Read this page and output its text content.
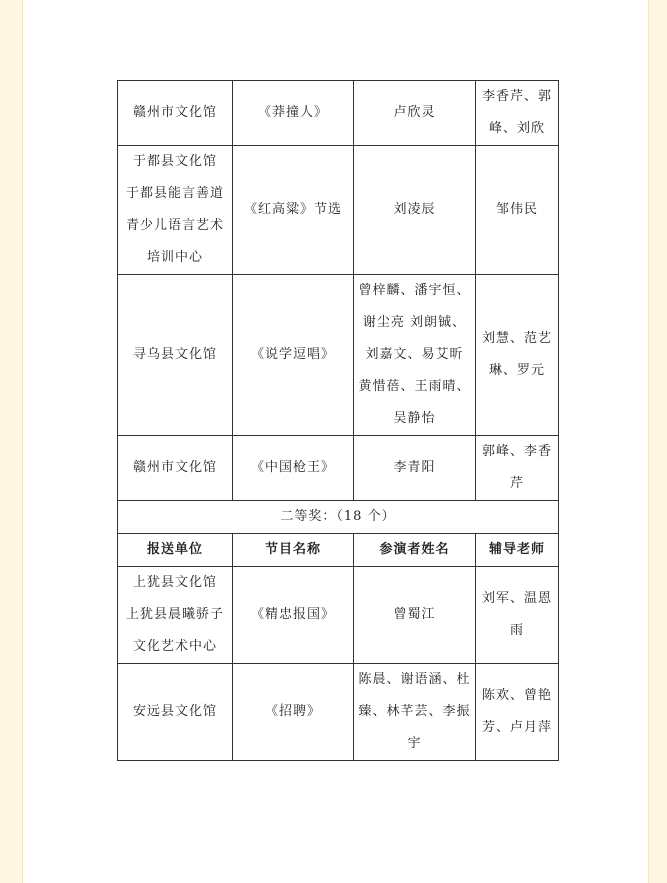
赣州市文化馆	《莽撞人》	卢欣灵	李香芹、郭
峰、刘欣

于都县文化馆
于都县能言善道
青少儿语言艺术
培训中心	《红高粱》节选	刘凌辰	邹伟民

寻乌县文化馆	《说学逗唱》	曾梓麟、潘宇恒、
谢尘亮 刘朗铖、
刘嘉文、易艾昕
黄惜蓓、王雨晴、
吴静怡	刘慧、范艺
琳、罗元

赣州市文化馆	《中国枪王》	李青阳	郭峰、李香
芹

二等奖：（18 个）			
报送单位	节目名称	参演者姓名	辅导老师

上犹县文化馆
上犹县晨曦骄子
文化艺术中心	《精忠报国》	曾蜀江	刘军、温恩
雨

安远县文化馆	《招聘》	陈晨、谢语涵、杜
臻、林芊芸、李振
宇	陈欢、曾艳
芳、卢月萍
